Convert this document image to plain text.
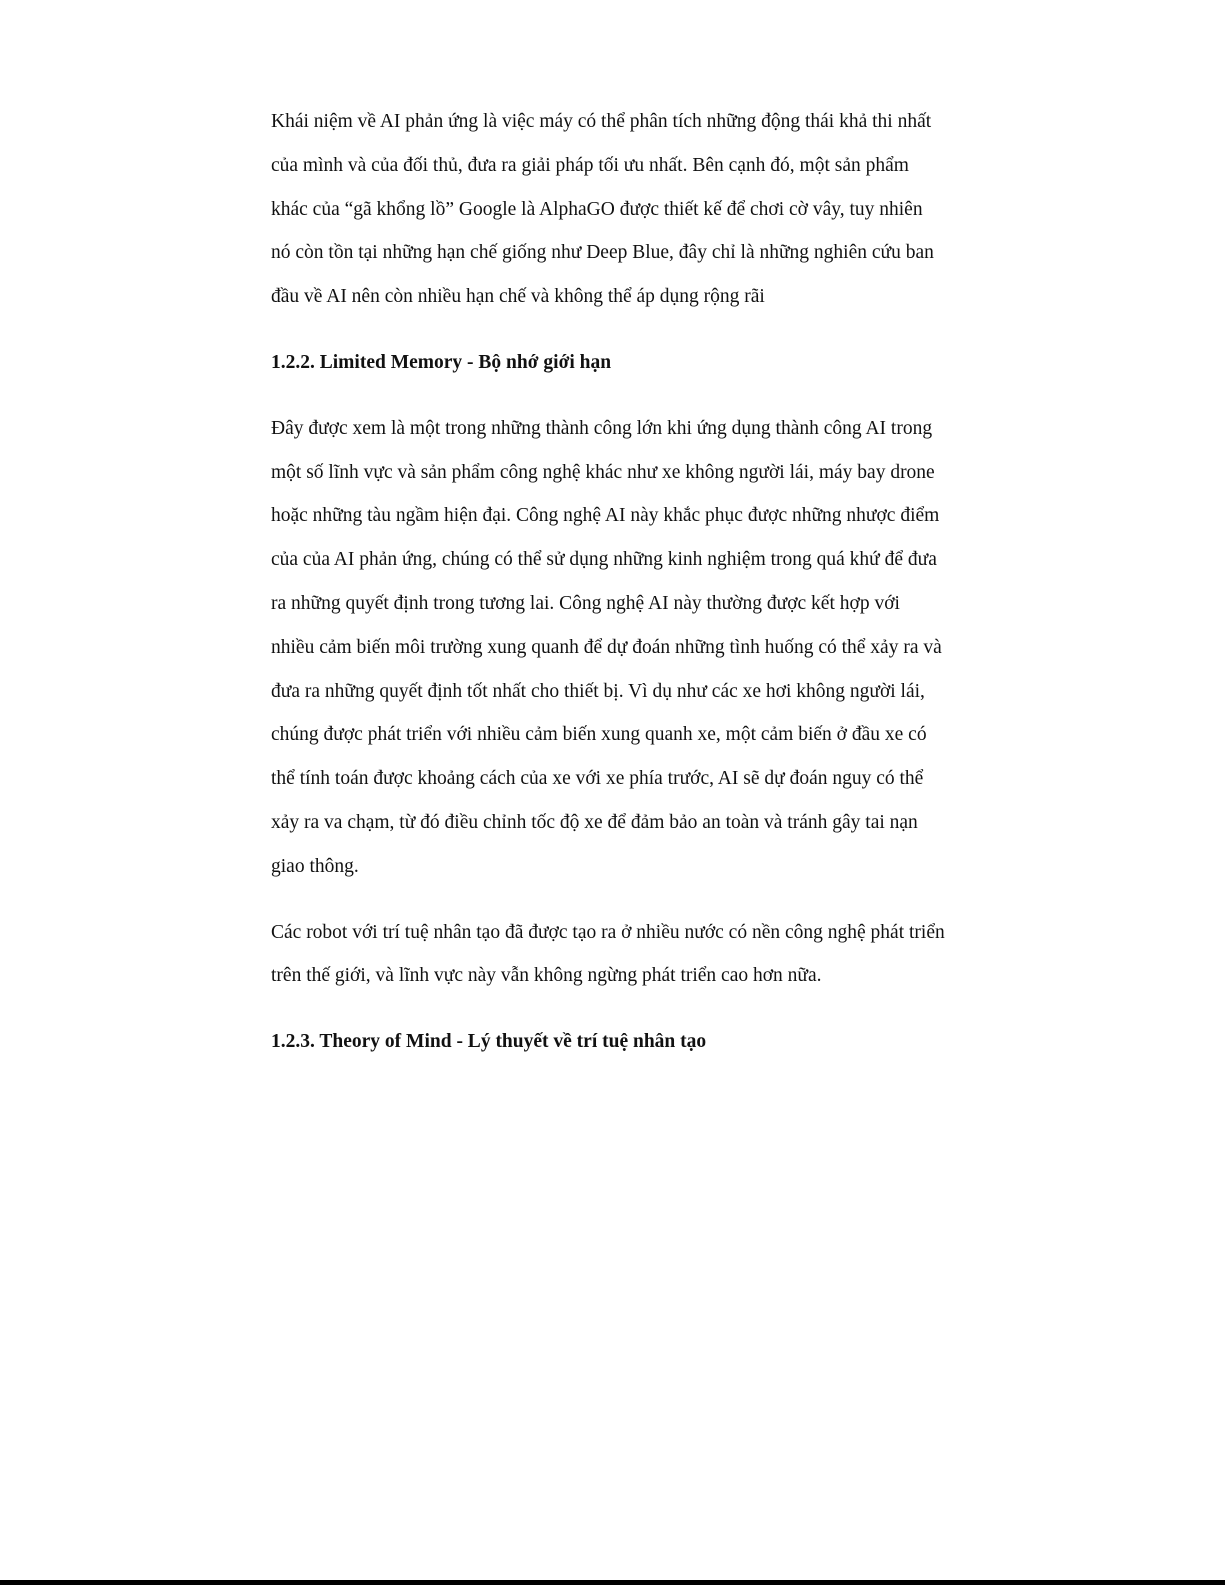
Khái niệm về AI phản ứng là việc máy có thể phân tích những động thái khả thi nhất
của mình và của đối thủ, đưa ra giải pháp tối ưu nhất. Bên cạnh đó, một sản phẩm
khác của “gã khổng lồ” Google là AlphaGO được thiết kế để chơi cờ vây, tuy nhiên
nó còn tồn tại những hạn chế giống như Deep Blue, đây chỉ là những nghiên cứu ban
đầu về AI nên còn nhiều hạn chế và không thể áp dụng rộng rãi

1.2.2. Limited Memory - Bộ nhớ giới hạn

Đây được xem là một trong những thành công lớn khi ứng dụng thành công AI trong
một số lĩnh vực và sản phẩm công nghệ khác như xe không người lái, máy bay drone
hoặc những tàu ngầm hiện đại. Công nghệ AI này khắc phục được những nhược điểm
của của AI phản ứng, chúng có thể sử dụng những kinh nghiệm trong quá khứ để đưa
ra những quyết định trong tương lai. Công nghệ AI này thường được kết hợp với
nhiều cảm biến môi trường xung quanh để dự đoán những tình huống có thể xảy ra và
đưa ra những quyết định tốt nhất cho thiết bị. Vì dụ như các xe hơi không người lái,
chúng được phát triển với nhiều cảm biến xung quanh xe, một cảm biến ở đầu xe có
thể tính toán được khoảng cách của xe với xe phía trước, AI sẽ dự đoán nguy có thể
xảy ra va chạm, từ đó điều chỉnh tốc độ xe để đảm bảo an toàn và tránh gây tai nạn
giao thông.

Các robot với trí tuệ nhân tạo đã được tạo ra ở nhiều nước có nền công nghệ phát triển
trên thế giới, và lĩnh vực này vẫn không ngừng phát triển cao hơn nữa.

1.2.3. Theory of Mind - Lý thuyết về trí tuệ nhân tạo
